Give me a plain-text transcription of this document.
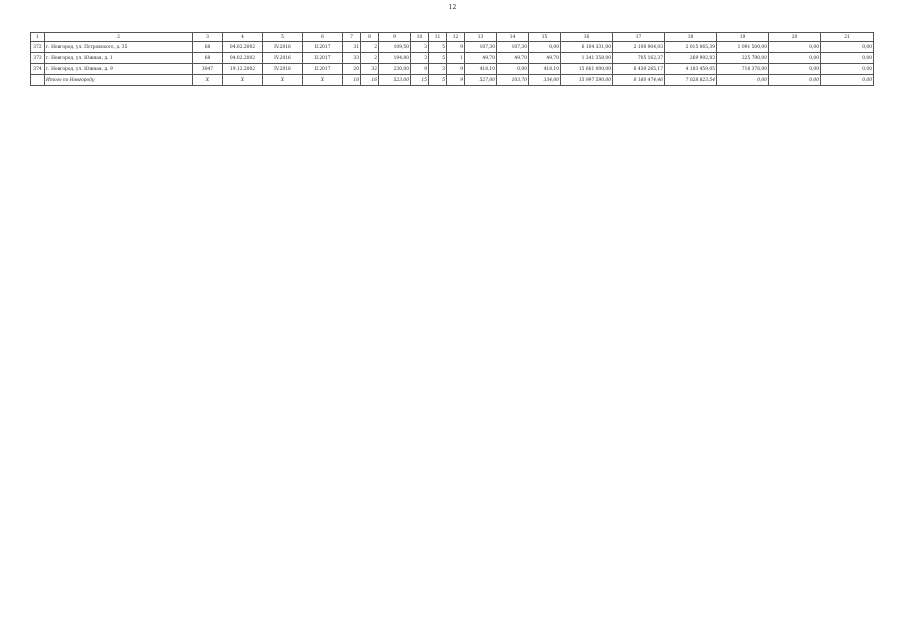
12
1	2	3	4	5	6	7	8	9	10	11	12	13	14	15	16	17	18	19	20	21
372	г. Новгород, ул. Пстровского, д. 35	68	04.02.2002	IV.2016	II.2017	31	2	109,50	3	5	9	107,30	107,30	0,00	6 104 331,00	2 100 904,03	2 015 065,39	1 091 500,00	0,00	0,00
373	г. Новгород, ул. Южная, д. 1	68	04.02.2002	IV.2016	II.2017	33	2	194,80	3	5	1	49,70	49,70	49,70	1 241 358,00	705 162,37	269 992,83	225 790,00	0,00	0,00
374	г. Новгород, ул. Южная, д. 9	3047	19.12.2002	IV.2016	II.2017	20	32	230,00	9	3	9	418,10	0,00	418,10	15 661 000,00	6 430 265,17	4 183 459,05	716 376,00	0,00	0,00
	Итого по Новгороду	X	X	X	X	10	16	523,00	15	5	9	527,00	103,70	334,00	15 997 590,00	8 160 474,46	7 028 823,54	0,00	0,00	0,00
